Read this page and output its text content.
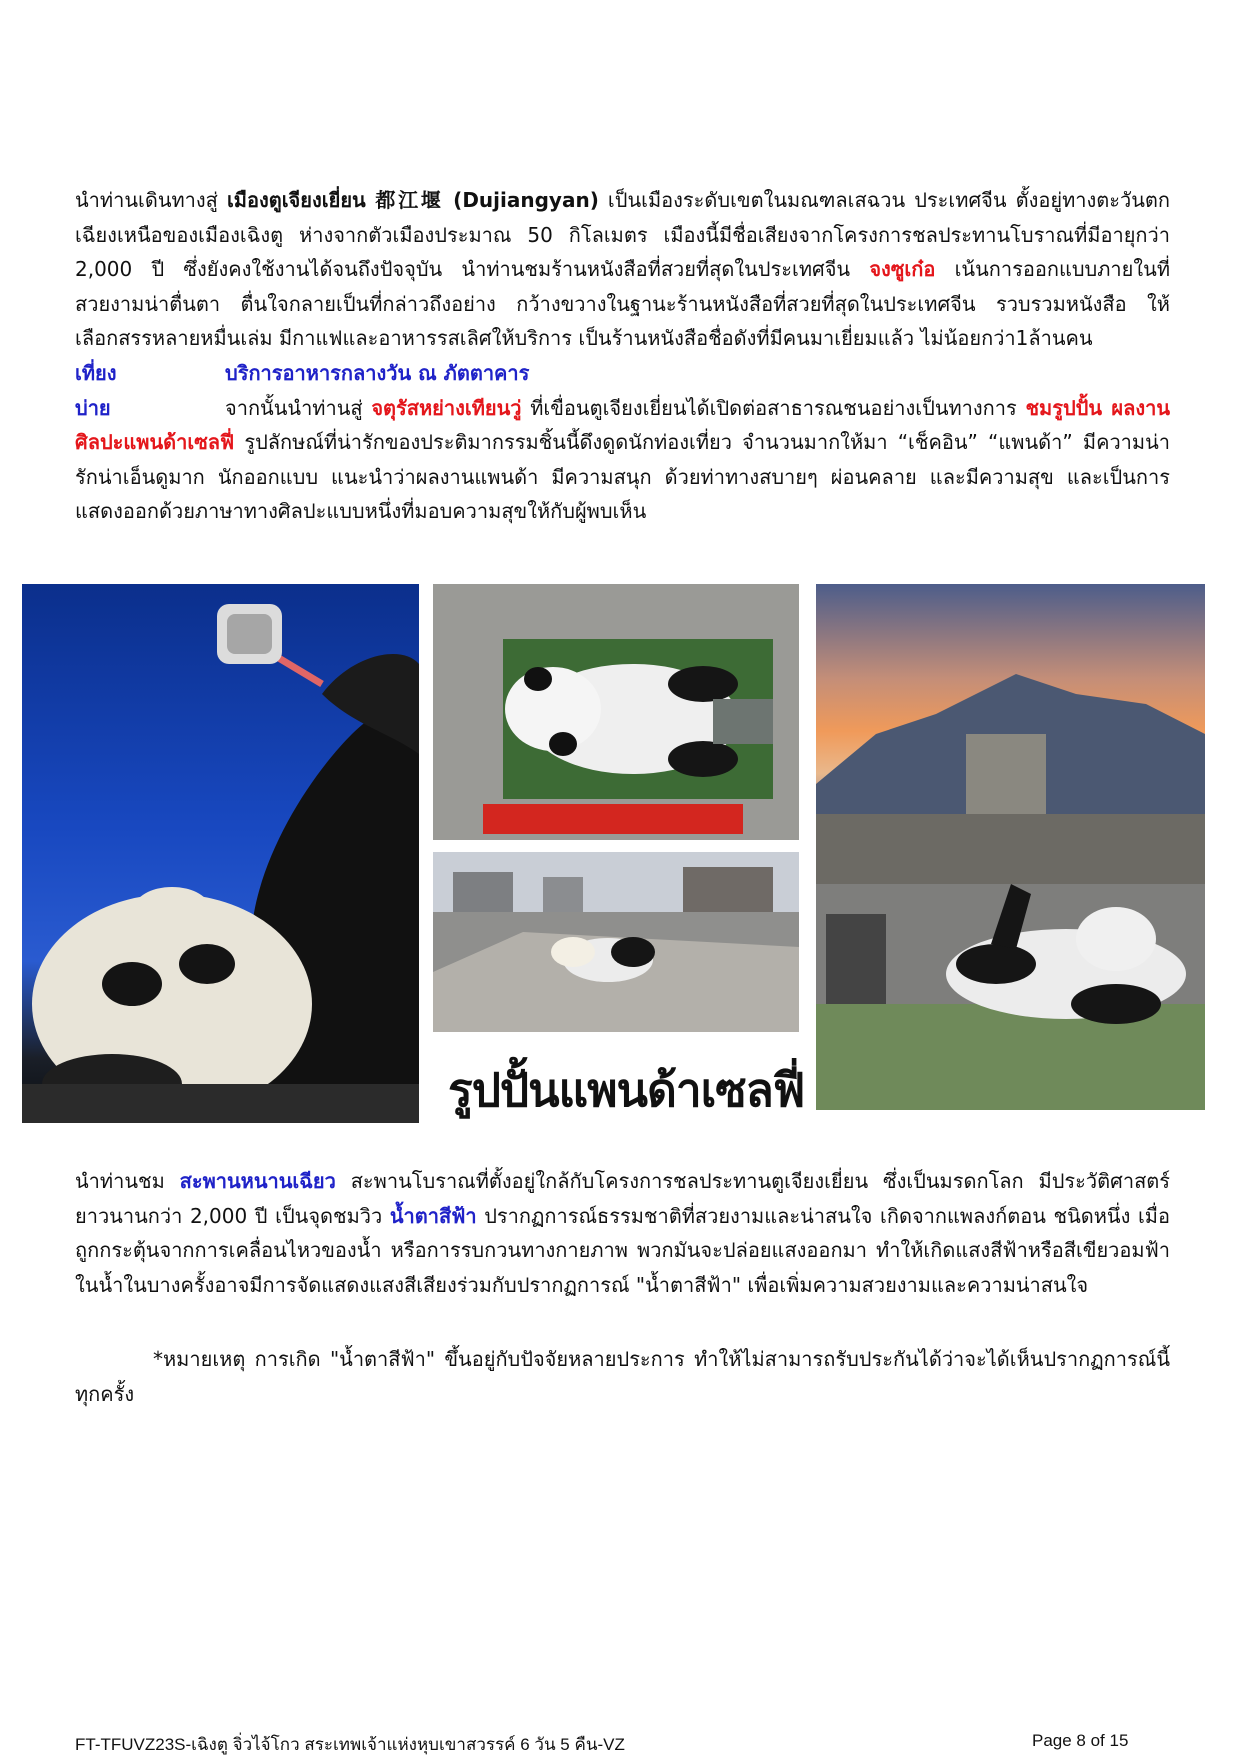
นำท่านเดินทางสู่ เมืองตูเจียงเยี่ยน 都江堰 (Dujiangyan) เป็นเมืองระดับเขตในมณฑลเสฉวน ประเทศจีน ตั้งอยู่ทางตะวันตกเฉียงเหนือของเมืองเฉิงตู ห่างจากตัวเมืองประมาณ 50 กิโลเมตร เมืองนี้มีชื่อเสียงจากโครงการชลประทานโบราณที่มีอายุกว่า 2,000 ปี ซึ่งยังคงใช้งานได้จนถึงปัจจุบัน นำท่านชมร้านหนังสือที่สวยที่สุดในประเทศจีน จงซูเก๋อ เน้นการออกแบบภายในที่สวยงามน่าตื่นตา ตื่นใจกลายเป็นที่กล่าวถึงอย่าง กว้างขวางในฐานะร้านหนังสือที่สวยที่สุดในประเทศจีน รวบรวมหนังสือ ให้เลือกสรรหลายหมื่นเล่ม มีกาแฟและอาหารรสเลิศให้บริการ เป็นร้านหนังสือชื่อดังที่มีคนมาเยี่ยมแล้ว ไม่น้อยกว่า1ล้านคน
เที่ยง	บริการอาหารกลางวัน ณ ภัตตาคาร
บ่าย	จากนั้นนำท่านสู่ จตุรัสหย่างเทียนวู่ ที่เขื่อนตูเจียงเยี่ยนได้เปิดต่อสาธารณชนอย่างเป็นทางการ ชมรูปปั้น ผลงานศิลปะแพนด้าเซลฟี่ รูปลักษณ์ที่น่ารักของประติมากรรมชิ้นนี้ดึงดูดนักท่องเที่ยว จำนวนมากให้มา “เช็คอิน” “แพนด้า” มีความน่ารักน่าเอ็นดูมาก นักออกแบบ แนะนำว่าผลงานแพนด้า มีความสนุก ด้วยท่าทางสบายๆ ผ่อนคลาย และมีความสุข และเป็นการแสดงออกด้วยภาษาทางศิลปะแบบหนึ่งที่มอบความสุขให้กับผู้พบเห็น
รูปปั้นแพนด้าเซลฟี่
นำท่านชม สะพานหนานเฉียว สะพานโบราณที่ตั้งอยู่ใกล้กับโครงการชลประทานตูเจียงเยี่ยน ซึ่งเป็นมรดกโลก มีประวัติศาสตร์ ยาวนานกว่า 2,000 ปี เป็นจุดชมวิว น้ำตาสีฟ้า ปรากฏการณ์ธรรมชาติที่สวยงามและน่าสนใจ เกิดจากแพลงก์ตอน ชนิดหนึ่ง เมื่อถูกกระตุ้นจากการเคลื่อนไหวของน้ำ หรือการรบกวนทางกายภาพ พวกมันจะปล่อยแสงออกมา ทำให้เกิดแสงสีฟ้าหรือสีเขียวอมฟ้าในน้ำในบางครั้งอาจมีการจัดแสดงแสงสีเสียงร่วมกับปรากฏการณ์ "น้ำตาสีฟ้า" เพื่อเพิ่มความสวยงามและความน่าสนใจ
*หมายเหตุ การเกิด "น้ำตาสีฟ้า" ขึ้นอยู่กับปัจจัยหลายประการ ทำให้ไม่สามารถรับประกันได้ว่าจะได้เห็นปรากฏการณ์นี้ทุกครั้ง
FT-TFUVZ23S-เฉิงตู จิ่วไจ้โกว สระเทพเจ้าแห่งหุบเขาสวรรค์ 6 วัน 5 คืน-VZ	Page 8 of 15
